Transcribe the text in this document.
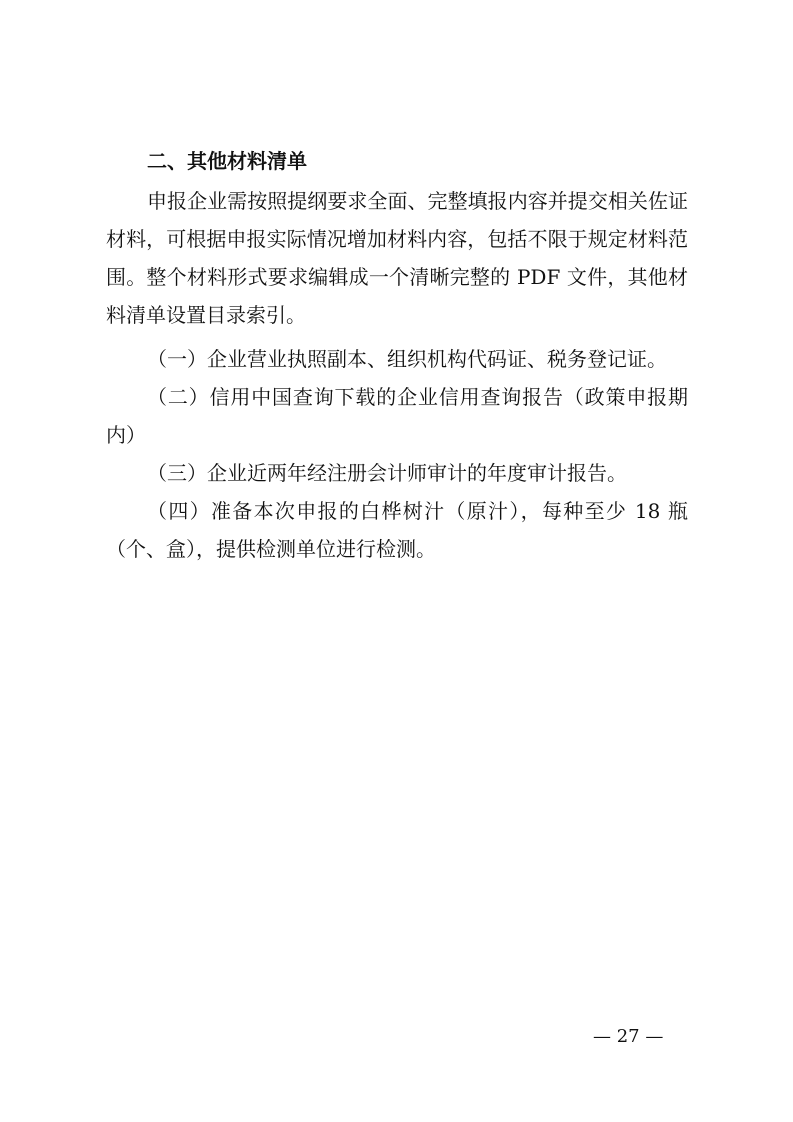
二、其他材料清单

申报企业需按照提纲要求全面、完整填报内容并提交相关佐证材料，可根据申报实际情况增加材料内容，包括不限于规定材料范围。整个材料形式要求编辑成一个清晰完整的 PDF 文件，其他材料清单设置目录索引。

（一）企业营业执照副本、组织机构代码证、税务登记证。

（二）信用中国查询下载的企业信用查询报告（政策申报期内）

（三）企业近两年经注册会计师审计的年度审计报告。

（四）准备本次申报的白桦树汁（原汁），每种至少 18 瓶（个、盒），提供检测单位进行检测。

— 27 —
